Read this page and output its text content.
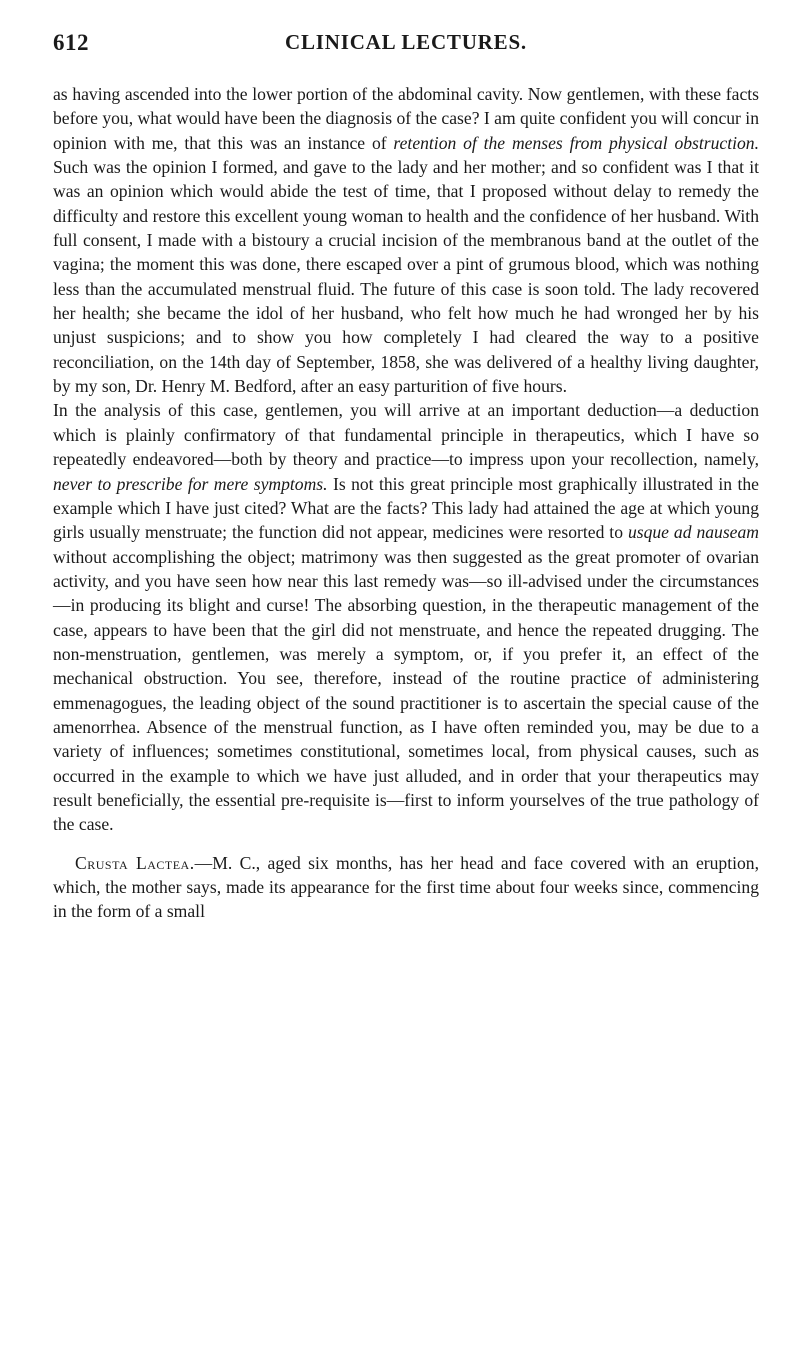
612	CLINICAL LECTURES.

as having ascended into the lower portion of the abdominal cavity. Now gentlemen, with these facts before you, what would have been the diagnosis of the case? I am quite confident you will concur in opinion with me, that this was an instance of retention of the menses from physical obstruction. Such was the opinion I formed, and gave to the lady and her mother; and so confident was I that it was an opinion which would abide the test of time, that I proposed without delay to remedy the difficulty and restore this excellent young woman to health and the confidence of her husband. With full consent, I made with a bistoury a crucial incision of the membranous band at the outlet of the vagina; the moment this was done, there escaped over a pint of grumous blood, which was nothing less than the accumulated menstrual fluid. The future of this case is soon told. The lady recovered her health; she became the idol of her husband, who felt how much he had wronged her by his unjust suspicions; and to show you how completely I had cleared the way to a positive reconciliation, on the 14th day of September, 1858, she was delivered of a healthy living daughter, by my son, Dr. Henry M. Bedford, after an easy parturition of five hours.

In the analysis of this case, gentlemen, you will arrive at an important deduction—a deduction which is plainly confirmatory of that fundamental principle in therapeutics, which I have so repeatedly endeavored—both by theory and practice—to impress upon your recollection, namely, never to prescribe for mere symptoms. Is not this great principle most graphically illustrated in the example which I have just cited? What are the facts? This lady had attained the age at which young girls usually menstruate; the function did not appear, medicines were resorted to usque ad nauseam without accomplishing the object; matrimony was then suggested as the great promoter of ovarian activity, and you have seen how near this last remedy was—so ill-advised under the circumstances—in producing its blight and curse! The absorbing question, in the therapeutic management of the case, appears to have been that the girl did not menstruate, and hence the repeated drugging. The non-menstruation, gentlemen, was merely a symptom, or, if you prefer it, an effect of the mechanical obstruction. You see, therefore, instead of the routine practice of administering emmenagogues, the leading object of the sound practitioner is to ascertain the special cause of the amenorrhea. Absence of the menstrual function, as I have often reminded you, may be due to a variety of influences; sometimes constitutional, sometimes local, from physical causes, such as occurred in the example to which we have just alluded, and in order that your therapeutics may result beneficially, the essential pre-requisite is—first to inform yourselves of the true pathology of the case.

Crusta Lactea.—M. C., aged six months, has her head and face covered with an eruption, which, the mother says, made its appearance for the first time about four weeks since, commencing in the form of a small
